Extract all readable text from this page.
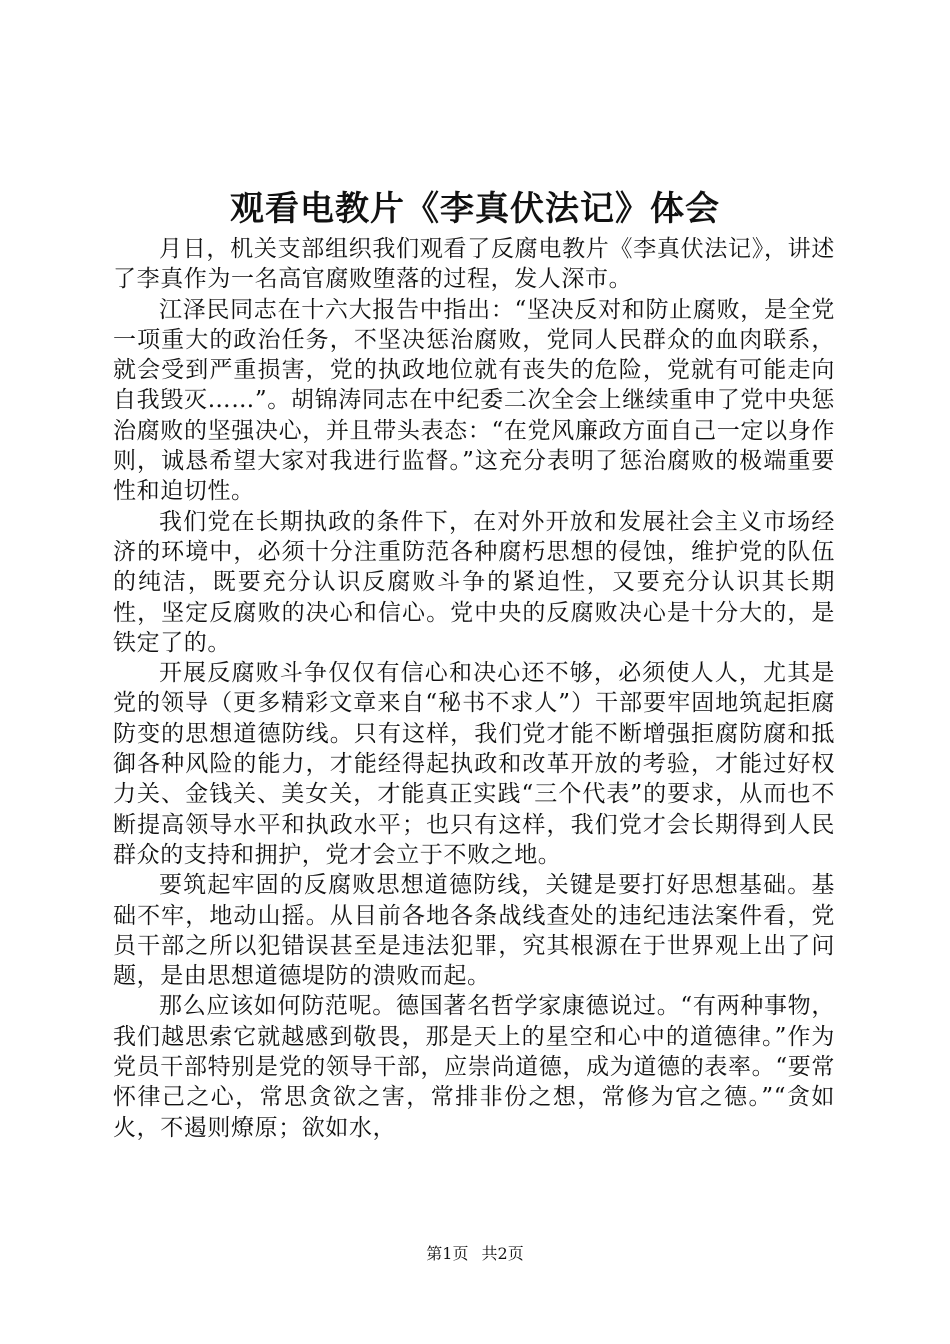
观看电教片《李真伏法记》体会

月日，机关支部组织我们观看了反腐电教片《李真伏法记》，讲述了李真作为一名高官腐败堕落的过程，发人深市。

江泽民同志在十六大报告中指出：“坚决反对和防止腐败，是全党一项重大的政治任务，不坚决惩治腐败，党同人民群众的血肉联系，就会受到严重损害，党的执政地位就有丧失的危险，党就有可能走向自我毁灭……”。胡锦涛同志在中纪委二次全会上继续重申了党中央惩治腐败的坚强决心，并且带头表态：“在党风廉政方面自己一定以身作则，诚恳希望大家对我进行监督。”这充分表明了惩治腐败的极端重要性和迫切性。

我们党在长期执政的条件下，在对外开放和发展社会主义市场经济的环境中，必须十分注重防范各种腐朽思想的侵蚀，维护党的队伍的纯洁，既要充分认识反腐败斗争的紧迫性，又要充分认识其长期性，坚定反腐败的决心和信心。党中央的反腐败决心是十分大的，是铁定了的。

开展反腐败斗争仅仅有信心和决心还不够，必须使人人，尤其是党的领导（更多精彩文章来自“秘书不求人”）干部要牢固地筑起拒腐防变的思想道德防线。只有这样，我们党才能不断增强拒腐防腐和抵御各种风险的能力，才能经得起执政和改革开放的考验，才能过好权力关、金钱关、美女关，才能真正实践“三个代表”的要求，从而也不断提高领导水平和执政水平；也只有这样，我们党才会长期得到人民群众的支持和拥护，党才会立于不败之地。

要筑起牢固的反腐败思想道德防线，关键是要打好思想基础。基础不牢，地动山摇。从目前各地各条战线查处的违纪违法案件看，党员干部之所以犯错误甚至是违法犯罪，究其根源在于世界观上出了问题，是由思想道德堤防的溃败而起。

那么应该如何防范呢。德国著名哲学家康德说过。“有两种事物，我们越思索它就越感到敬畏，那是天上的星空和心中的道德律。”作为党员干部特别是党的领导干部，应崇尚道德，成为道德的表率。“要常怀律己之心，常思贪欲之害，常排非份之想，常修为官之德。”“贪如火，不遏则燎原；欲如水，

第1页 共2页
